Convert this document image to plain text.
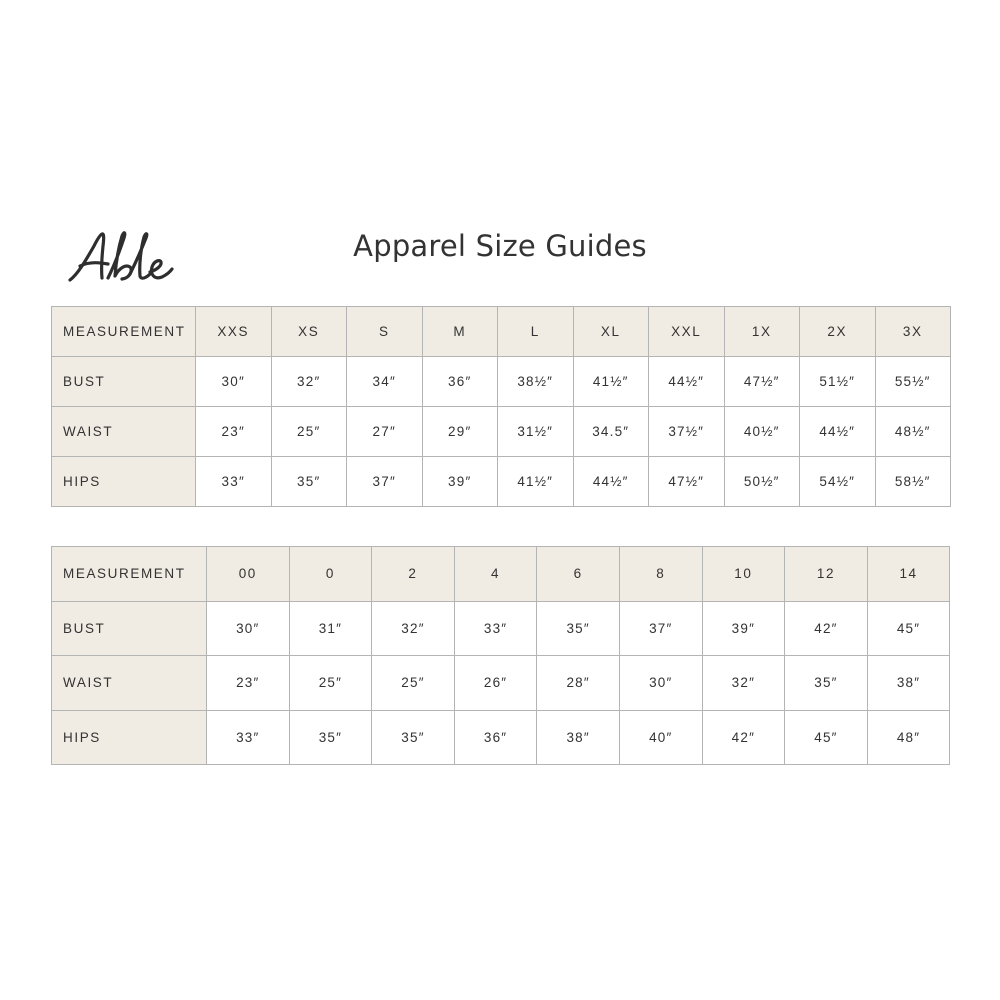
Apparel Size Guides
MEASUREMENT	XXS	XS	S	M	L	XL	XXL	1X	2X	3X
BUST	30″	32″	34″	36″	38½″	41½″	44½″	47½″	51½″	55½″
WAIST	23″	25″	27″	29″	31½″	34.5″	37½″	40½″	44½″	48½″
HIPS	33″	35″	37″	39″	41½″	44½″	47½″	50½″	54½″	58½″
MEASUREMENT	00	0	2	4	6	8	10	12	14
BUST	30″	31″	32″	33″	35″	37″	39″	42″	45″
WAIST	23″	25″	25″	26″	28″	30″	32″	35″	38″
HIPS	33″	35″	35″	36″	38″	40″	42″	45″	48″
